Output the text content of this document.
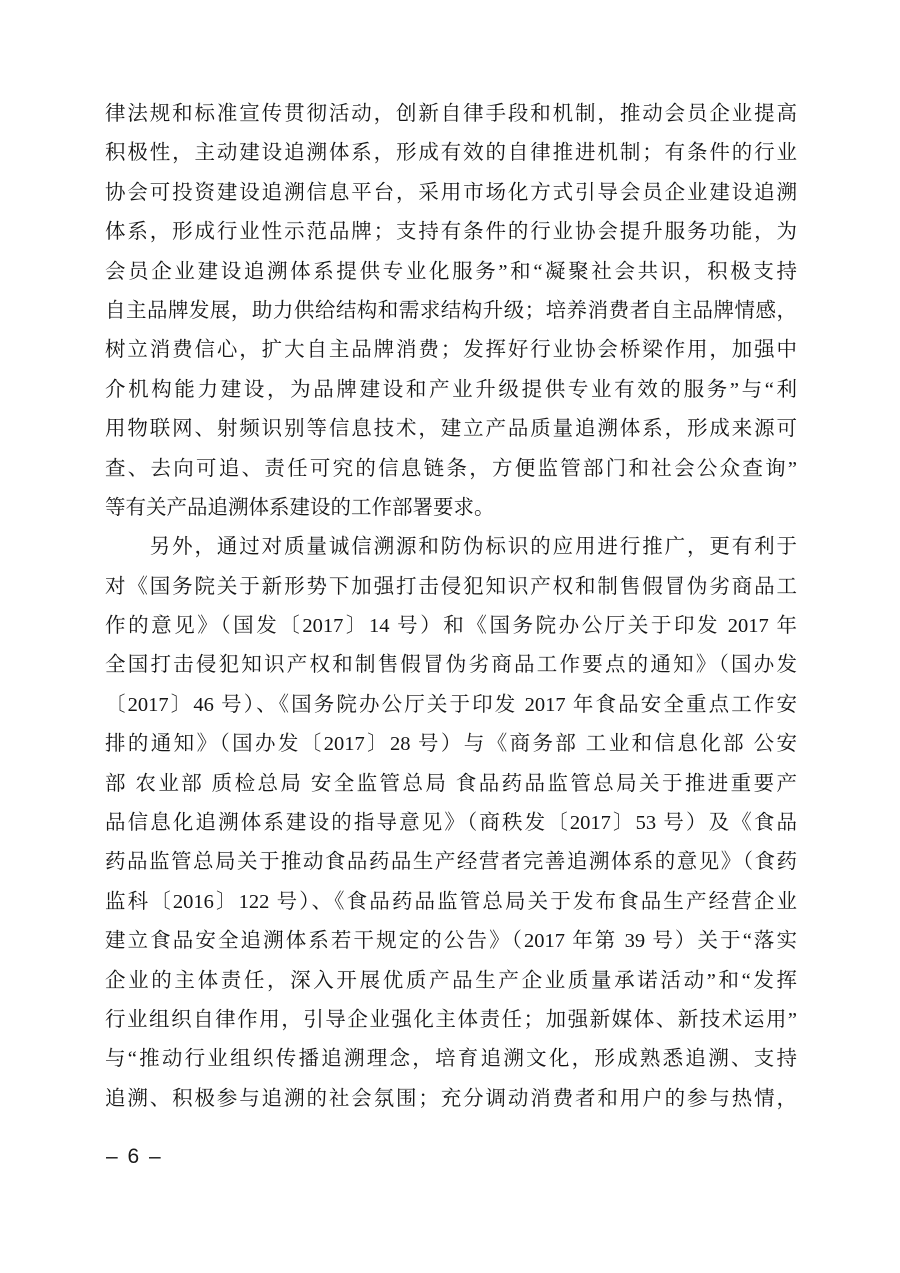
律法规和标准宣传贯彻活动，创新自律手段和机制，推动会员企业提高
积极性，主动建设追溯体系，形成有效的自律推进机制；有条件的行业
协会可投资建设追溯信息平台，采用市场化方式引导会员企业建设追溯
体系，形成行业性示范品牌；支持有条件的行业协会提升服务功能，为
会员企业建设追溯体系提供专业化服务”和“凝聚社会共识，积极支持
自主品牌发展，助力供给结构和需求结构升级；培养消费者自主品牌情感，
树立消费信心，扩大自主品牌消费；发挥好行业协会桥梁作用，加强中
介机构能力建设，为品牌建设和产业升级提供专业有效的服务”与“利
用物联网、射频识别等信息技术，建立产品质量追溯体系，形成来源可
查、去向可追、责任可究的信息链条，方便监管部门和社会公众查询”
等有关产品追溯体系建设的工作部署要求。
　　另外，通过对质量诚信溯源和防伪标识的应用进行推广，更有利于
对《国务院关于新形势下加强打击侵犯知识产权和制售假冒伪劣商品工
作的意见》（国发〔2017〕14 号）和《国务院办公厅关于印发 2017 年
全国打击侵犯知识产权和制售假冒伪劣商品工作要点的通知》（国办发
〔2017〕46 号）、《国务院办公厅关于印发 2017 年食品安全重点工作安
排的通知》（国办发〔2017〕28 号）与《商务部 工业和信息化部 公安
部 农业部 质检总局 安全监管总局 食品药品监管总局关于推进重要产
品信息化追溯体系建设的指导意见》（商秩发〔2017〕53 号）及《食品
药品监管总局关于推动食品药品生产经营者完善追溯体系的意见》（食药
监科〔2016〕122 号）、《食品药品监管总局关于发布食品生产经营企业
建立食品安全追溯体系若干规定的公告》（2017 年第 39 号）关于“落实
企业的主体责任，深入开展优质产品生产企业质量承诺活动”和“发挥
行业组织自律作用，引导企业强化主体责任；加强新媒体、新技术运用”
与“推动行业组织传播追溯理念，培育追溯文化，形成熟悉追溯、支持
追溯、积极参与追溯的社会氛围；充分调动消费者和用户的参与热情，
– 6 –
